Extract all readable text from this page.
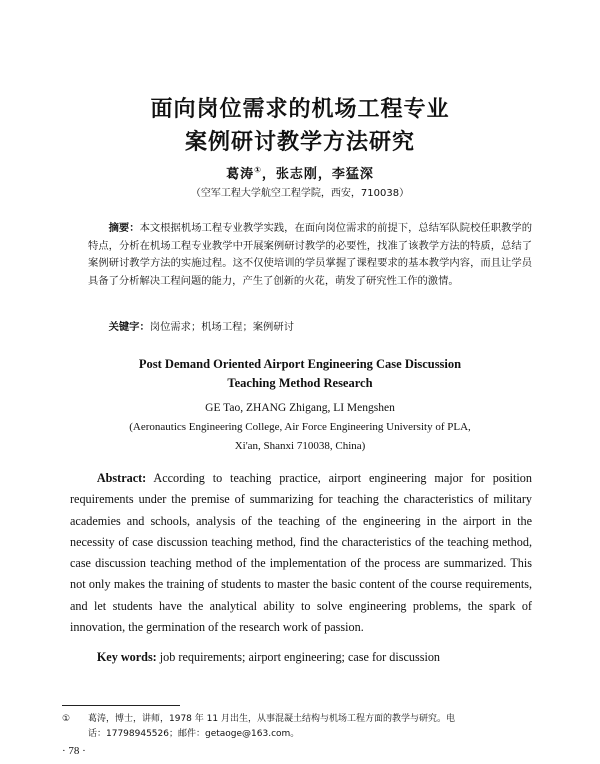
面向岗位需求的机场工程专业
案例研讨教学方法研究
葛涛①，张志刚，李猛深
（空军工程大学航空工程学院，西安，710038）
摘要：本文根据机场工程专业教学实践，在面向岗位需求的前提下，总结军队院校任职教学的特点，分析在机场工程专业教学中开展案例研讨教学的必要性，找准了该教学方法的特质，总结了案例研讨教学方法的实施过程。这不仅使培训的学员掌握了课程要求的基本教学内容，而且让学员具备了分析解决工程问题的能力，产生了创新的火花，萌发了研究性工作的激情。
关键字：岗位需求；机场工程；案例研讨
Post Demand Oriented Airport Engineering Case Discussion
Teaching Method Research
GE Tao, ZHANG Zhigang, LI Mengshen
(Aeronautics Engineering College, Air Force Engineering University of PLA,
Xi'an, Shanxi 710038, China)
Abstract: According to teaching practice, airport engineering major for position requirements under the premise of summarizing for teaching the characteristics of military academies and schools, analysis of the teaching of the engineering in the airport in the necessity of case discussion teaching method, find the characteristics of the teaching method, case discussion teaching method of the implementation of the process are summarized. This not only makes the training of students to master the basic content of the course requirements, and let students have the analytical ability to solve engineering problems, the spark of innovation, the germination of the research work of passion.
Key words: job requirements; airport engineering; case for discussion
① 葛涛，博士，讲师，1978 年 11 月出生，从事混凝土结构与机场工程方面的教学与研究。电
话：17798945526；邮件：getaoge@163.com。
· 78 ·
